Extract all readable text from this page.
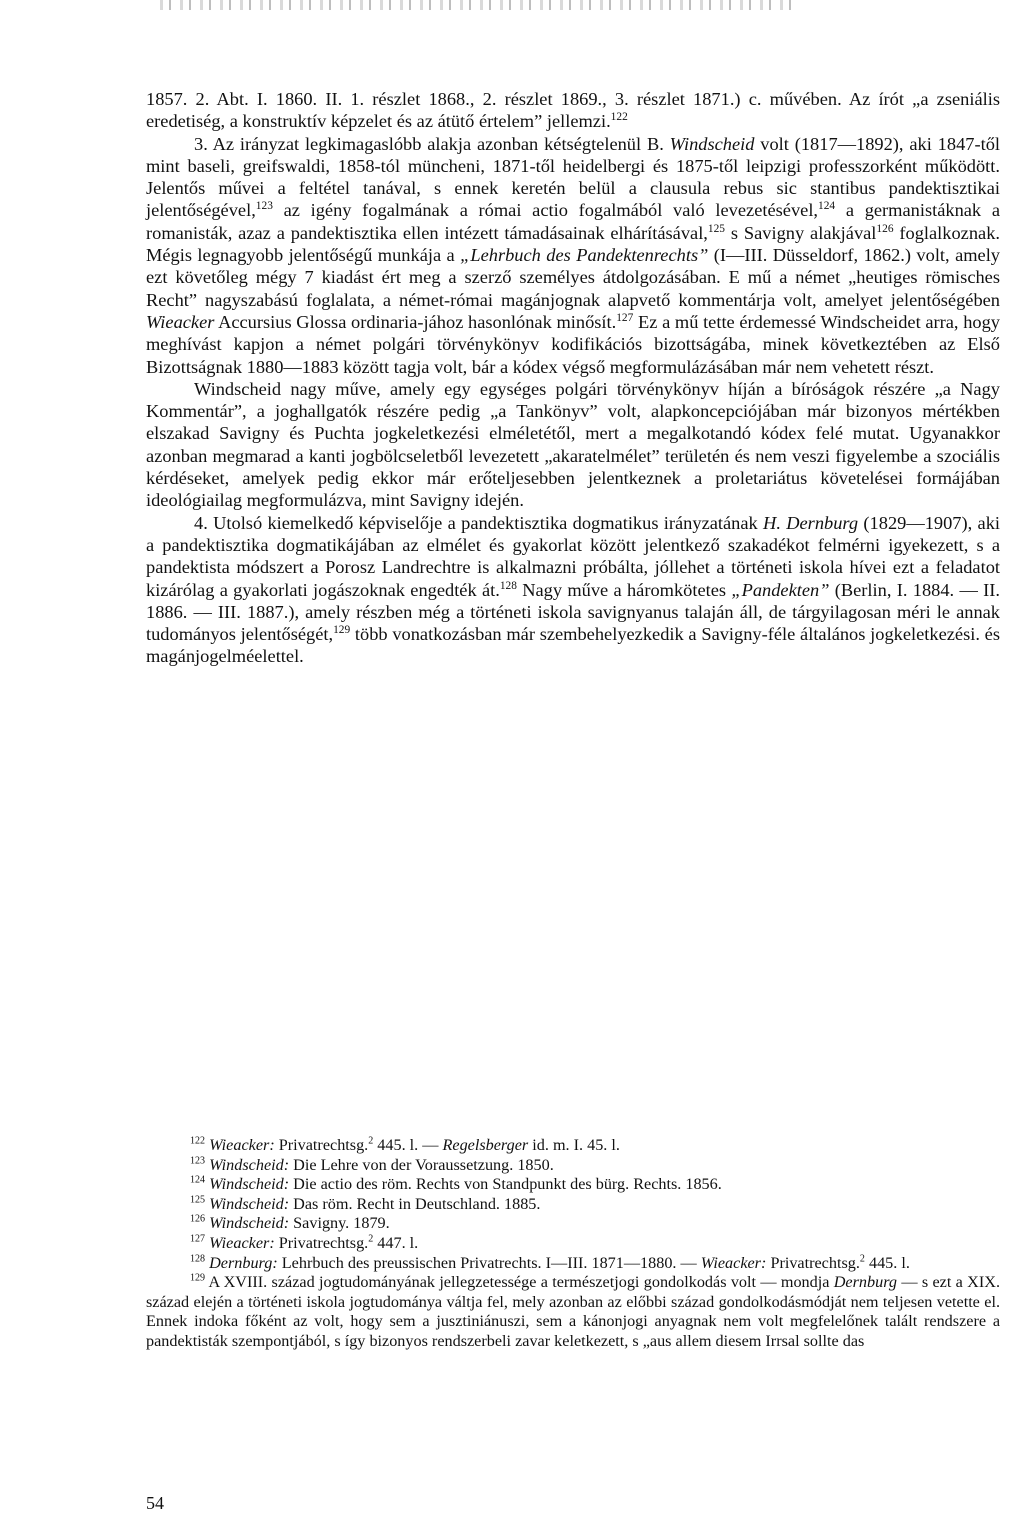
1857. 2. Abt. I. 1860. II. 1. részlet 1868., 2. részlet 1869., 3. részlet 1871.) c. művében. Az írót „a zseniális eredetiség, a konstruktív képzelet és az átütő értelem” jellemzi.$^{122}$

3. Az irányzat legkimagaslóbb alakja azonban kétségtelenül B. Windscheid volt (1817—1892), aki 1847-től mint baseli, greifswaldi, 1858-tól müncheni, 1871-től heidelbergi és 1875-től leipzigi professzorként működött. Jelentős művei a feltétel tanával, s ennek keretén belül a clausula rebus sic stantibus pandektisztikai jelentőségével,$^{123}$ az igény fogalmának a római actio fogalmából való levezetésével,$^{124}$ a germanistáknak a romanisták, azaz a pandektisztika ellen intézett támadásainak elhárításával,$^{125}$ s Savigny alakjával$^{126}$ foglalkoznak. Mégis legnagyobb jelentőségű munkája a „Lehrbuch des Pandektenrechts” (I—III. Düsseldorf, 1862.) volt, amely ezt követőleg mégy 7 kiadást ért meg a szerző személyes átdolgozásában. E mű a német „heutiges römisches Recht” nagyszabású foglalata, a német-római magánjognak alapvető kommentárja volt, amelyet jelentőségében Wieacker Accursius Glossa ordinaria-jához hasonlónak minősít.$^{127}$ Ez a mű tette érdemessé Windscheidet arra, hogy meghívást kapjon a német polgári törvénykönyv kodifikációs bizottságába, minek következtében az Első Bizottságnak 1880—1883 között tagja volt, bár a kódex végső megformulázásában már nem vehetett részt.

Windscheid nagy műve, amely egy egységes polgári törvénykönyv híján a bíróságok részére „a Nagy Kommentár”, a joghallgatók részére pedig „a Tankönyv” volt, alapkoncepciójában már bizonyos mértékben elszakad Savigny és Puchta jogkeletkezési elméletétől, mert a megalkotandó kódex felé mutat. Ugyanakkor azonban megmarad a kanti jogbölcseletből levezetett „akaratelmélet” területén és nem veszi figyelembe a szociális kérdéseket, amelyek pedig ekkor már erőteljesebben jelentkeznek a proletariátus követelései formájában ideológiailag megformulázva, mint Savigny idején.

4. Utolsó kiemelkedő képviselője a pandektisztika dogmatikus irányzatának H. Dernburg (1829—1907), aki a pandektisztika dogmatikájában az elmélet és gyakorlat között jelentkező szakadékot felmérni igyekezett, s a pandektista módszert a Porosz Landrechtre is alkalmazni próbálta, jóllehet a történeti iskola hívei ezt a feladatot kizárólag a gyakorlati jogászoknak engedték át.$^{128}$ Nagy műve a háromkötetes „Pandekten” (Berlin, I. 1884. — II. 1886. — III. 1887.), amely részben még a történeti iskola savignyanus talaján áll, de tárgyilagosan méri le annak tudományos jelentőségét,$^{129}$ több vonatkozásban már szembehelyezkedik a Savigny-féle általános jogkeletkezési. és magánjogelméelettel.

$^{122}$ Wieacker: Privatrechtsg.$^2$ 445. l. — Regelsberger id. m. I. 45. l.

$^{123}$ Windscheid: Die Lehre von der Voraussetzung. 1850.

$^{124}$ Windscheid: Die actio des röm. Rechts von Standpunkt des bürg. Rechts. 1856.

$^{125}$ Windscheid: Das röm. Recht in Deutschland. 1885.

$^{126}$ Windscheid: Savigny. 1879.

$^{127}$ Wieacker: Privatrechtsg.$^2$ 447. l.

$^{128}$ Dernburg: Lehrbuch des preussischen Privatrechts. I—III. 1871—1880. — Wieacker: Privatrechtsg.$^2$ 445. l.

$^{129}$ A XVIII. század jogtudományának jellegzetessége a természetjogi gondolkodás volt — mondja Dernburg — s ezt a XIX. század elején a történeti iskola jogtudománya váltja fel, mely azonban az előbbi század gondolkodásmódját nem teljesen vetette el. Ennek indoka főként az volt, hogy sem a jusztiniánuszi, sem a kánonjogi anyagnak nem volt megfelelőnek talált rendszere a pandektisták szempontjából, s így bizonyos rendszerbeli zavar keletkezett, s „aus allem diesem Irrsal sollte das

54
